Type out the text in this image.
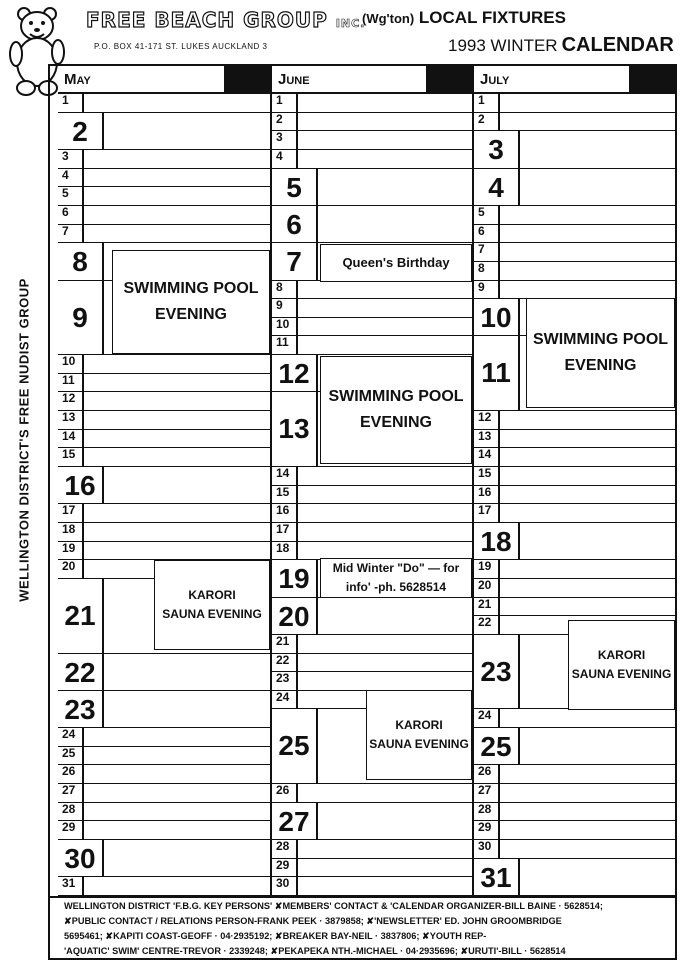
FREE BEACH GROUP INC.
P.O. BOX 41-171 ST. LUKES AUCKLAND 3
(Wg'ton) LOCAL FIXTURES
1993 WINTER CALENDAR
WELLINGTON DISTRICT'S FREE NUDIST GROUP
May
1
2
3
4
5
6
7
8
9
10
11
12
13
14
15
16
17
18
19
20
21
22
23
24
25
26
27
28
29
30
31
June
1
2
3
4
5
6
7
8
9
10
11
12
13
14
15
16
17
18
19
20
21
22
23
24
25
26
27
28
29
30
July
1
2
3
4
5
6
7
8
9
10
11
12
13
14
15
16
17
18
19
20
21
22
23
24
25
26
27
28
29
30
31
WELLINGTON DISTRICT 'F.B.G. KEY PERSONS' ✘MEMBERS' CONTACT & 'CALENDAR ORGANIZER-BILL BAINE · 5628514;
✘PUBLIC CONTACT / RELATIONS PERSON-FRANK PEEK · 3879858; ✘'NEWSLETTER' ED. JOHN GROOMBRIDGE
5695461; ✘KAPITI COAST-GEOFF · 04·2935192; ✘BREAKER BAY-NEIL · 3837806; ✘YOUTH REP-
'AQUATIC' SWIM' CENTRE-TREVOR · 2339248; ✘PEKAPEKA NTH.-MICHAEL · 04·2935696; ✘URUTI'-BILL · 5628514
SWIMMING POOL
EVENING
SWIMMING POOL
EVENING
SWIMMING POOL
EVENING
KARORI
SAUNA EVENING
KARORI
SAUNA EVENING
KARORI
SAUNA EVENING
Queen's Birthday
Mid Winter "Do" — for
info' -ph. 5628514
